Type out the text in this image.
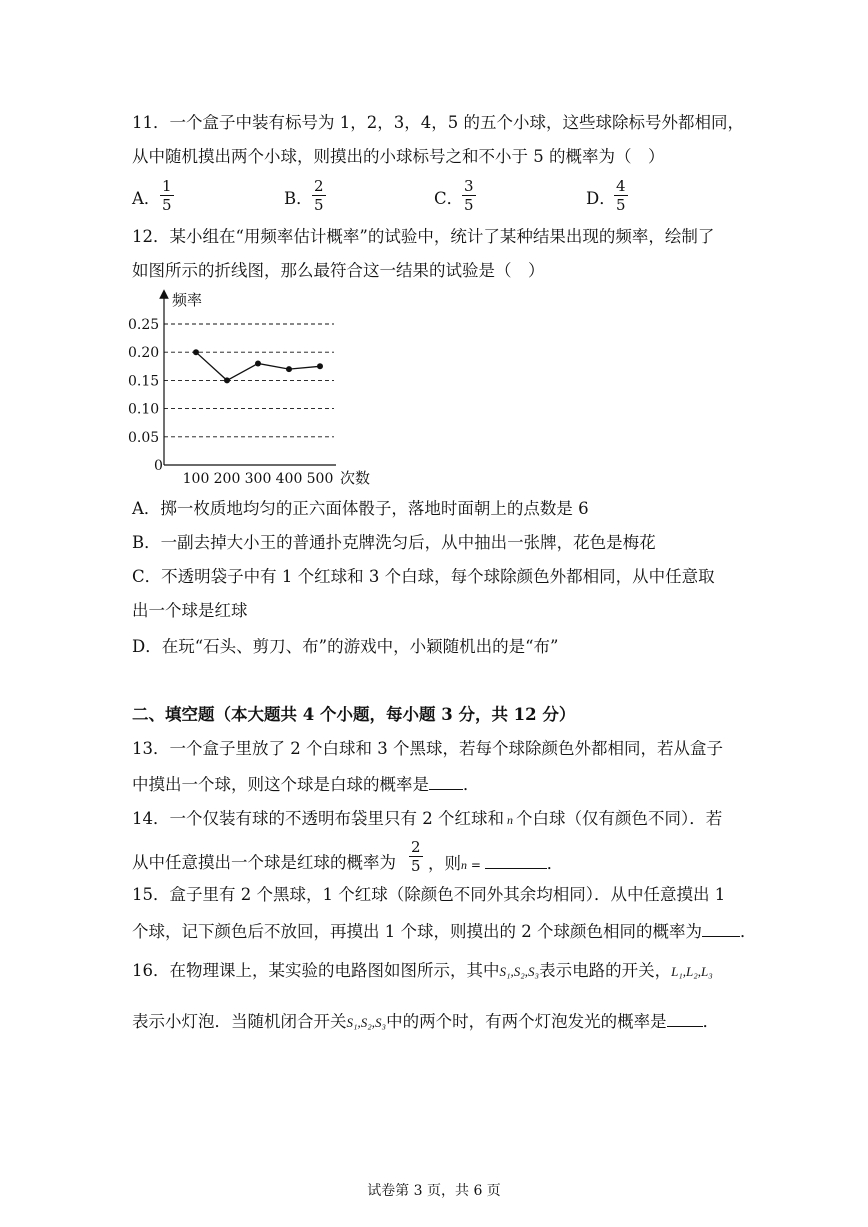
11．一个盒子中装有标号为 1，2，3，4，5 的五个小球，这些球除标号外都相同，
从中随机摸出两个小球，则摸出的小球标号之和不小于 5 的概率为（　）
A． $\frac{1}{5}$	B． $\frac{2}{5}$	C．
$\frac{3}{5}$	D．
$\frac{4}{5}$
12．某小组在“用频率估计概率”的试验中，统计了某种结果出现的频率，绘制了
如图所示的折线图，那么最符合这一结果的试验是（　）
频率
次数
0.25
0.20
0.15
0.10
0.05
0
100 200 300 400 500
A．掷一枚质地均匀的正六面体骰子，落地时面朝上的点数是 6
B．一副去掉大小王的普通扑克牌洗匀后，从中抽出一张牌，花色是梅花
C．不透明袋子中有 1 个红球和 3 个白球，每个球除颜色外都相同，从中任意取
出一个球是红球
D．在玩“石头、剪刀、布”的游戏中，小颖随机出的是“布”
二、填空题（本大题共 4 个小题，每小题 3 分，共 12 分）
13．一个盒子里放了 2 个白球和 3 个黑球，若每个球除颜色外都相同，若从盒子
中摸出一个球，则这个球是白球的概率是 ．
14．一个仅装有球的不透明布袋里只有 2 个红球和 n 个白球（仅有颜色不同）．若
从中任意摸出一个球是红球的概率为 $\frac{2}{5}$ ，则n =	．
15．盒子里有 2 个黑球，1 个红球（除颜色不同外其余均相同）．从中任意摸出 1
个球，记下颜色后不放回，再摸出 1 个球，则摸出的 2 个球颜色相同的概率为 ．
16．在物理课上，某实验的电路图如图所示，其中S₁,S₂,S₃表示电路的开关，L₁,L₂,L₃
表示小灯泡．当随机闭合开关S₁,S₂,S₃中的两个时，有两个灯泡发光的概率是 ．
试卷第 3 页，共 6 页
